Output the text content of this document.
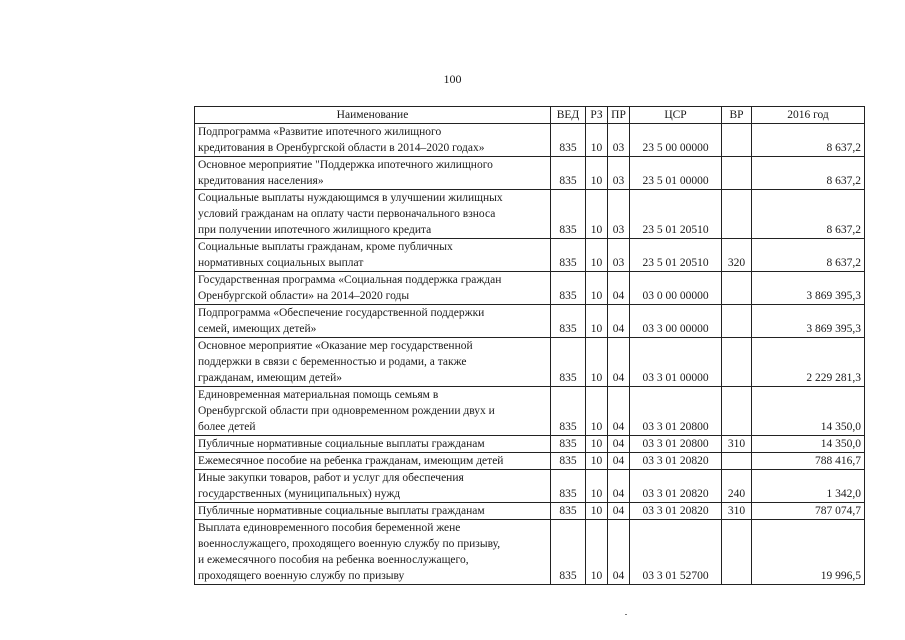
100
Наименование	ВЕД	РЗ	ПР	ЦСР	ВР	2016 год
Подпрограмма «Развитие ипотечного жилищного
кредитования в Оренбургской области в 2014–2020 годах»	835	10	03	23 5 00 00000		8 637,2
Основное мероприятие "Поддержка ипотечного жилищного
кредитования населения»	835	10	03	23 5 01 00000		8 637,2
Социальные выплаты нуждающимся в улучшении жилищных
условий гражданам на оплату части первоначального взноса
при получении ипотечного жилищного кредита	835	10	03	23 5 01 20510		8 637,2
Социальные выплаты гражданам, кроме публичных
нормативных социальных выплат	835	10	03	23 5 01 20510	320	8 637,2
Государственная программа «Социальная поддержка граждан
Оренбургской области» на 2014–2020 годы	835	10	04	03 0 00 00000		3 869 395,3
Подпрограмма «Обеспечение государственной поддержки
семей, имеющих детей»	835	10	04	03 3 00 00000		3 869 395,3
Основное мероприятие «Оказание мер государственной
поддержки в связи с беременностью и родами, а также
гражданам, имеющим детей»	835	10	04	03 3 01 00000		2 229 281,3
Единовременная материальная помощь семьям в
Оренбургской области при одновременном рождении двух и
более детей	835	10	04	03 3 01 20800		14 350,0
Публичные нормативные социальные выплаты гражданам	835	10	04	03 3 01 20800	310	14 350,0
Ежемесячное пособие на ребенка гражданам, имеющим детей	835	10	04	03 3 01 20820		788 416,7
Иные закупки товаров, работ и услуг для обеспечения
государственных (муниципальных) нужд	835	10	04	03 3 01 20820	240	1 342,0
Публичные нормативные социальные выплаты гражданам	835	10	04	03 3 01 20820	310	787 074,7
Выплата единовременного пособия беременной жене
военнослужащего, проходящего военную службу по призыву,
и ежемесячного пособия на ребенка военнослужащего,
проходящего военную службу по призыву	835	10	04	03 3 01 52700		19 996,5
